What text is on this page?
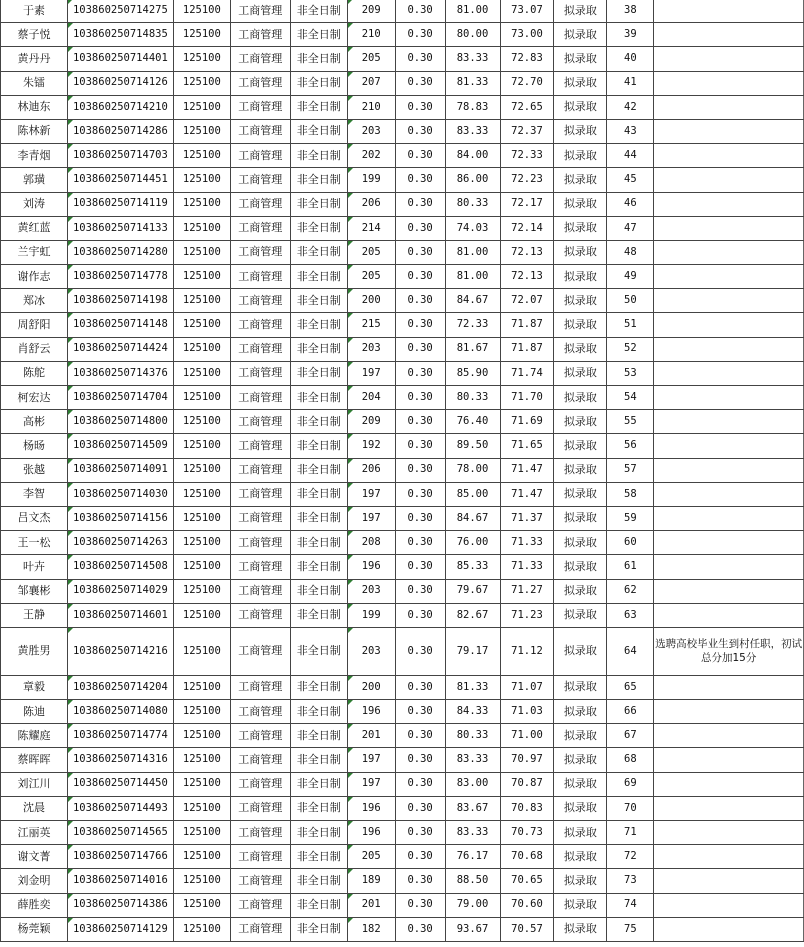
于素	103860250714275	125100	工商管理	非全日制	209	0.30	81.00	73.07	拟录取	38	
蔡子悦	103860250714835	125100	工商管理	非全日制	210	0.30	80.00	73.00	拟录取	39	
黄丹丹	103860250714401	125100	工商管理	非全日制	205	0.30	83.33	72.83	拟录取	40	
朱镭	103860250714126	125100	工商管理	非全日制	207	0.30	81.33	72.70	拟录取	41	
林迪东	103860250714210	125100	工商管理	非全日制	210	0.30	78.83	72.65	拟录取	42	
陈林新	103860250714286	125100	工商管理	非全日制	203	0.30	83.33	72.37	拟录取	43	
李青烟	103860250714703	125100	工商管理	非全日制	202	0.30	84.00	72.33	拟录取	44	
郭璜	103860250714451	125100	工商管理	非全日制	199	0.30	86.00	72.23	拟录取	45	
刘涛	103860250714119	125100	工商管理	非全日制	206	0.30	80.33	72.17	拟录取	46	
黄红蓝	103860250714133	125100	工商管理	非全日制	214	0.30	74.03	72.14	拟录取	47	
兰宇虹	103860250714280	125100	工商管理	非全日制	205	0.30	81.00	72.13	拟录取	48	
谢作志	103860250714778	125100	工商管理	非全日制	205	0.30	81.00	72.13	拟录取	49	
郑冰	103860250714198	125100	工商管理	非全日制	200	0.30	84.67	72.07	拟录取	50	
周舒阳	103860250714148	125100	工商管理	非全日制	215	0.30	72.33	71.87	拟录取	51	
肖舒云	103860250714424	125100	工商管理	非全日制	203	0.30	81.67	71.87	拟录取	52	
陈舵	103860250714376	125100	工商管理	非全日制	197	0.30	85.90	71.74	拟录取	53	
柯宏达	103860250714704	125100	工商管理	非全日制	204	0.30	80.33	71.70	拟录取	54	
高彬	103860250714800	125100	工商管理	非全日制	209	0.30	76.40	71.69	拟录取	55	
杨旸	103860250714509	125100	工商管理	非全日制	192	0.30	89.50	71.65	拟录取	56	
张越	103860250714091	125100	工商管理	非全日制	206	0.30	78.00	71.47	拟录取	57	
李智	103860250714030	125100	工商管理	非全日制	197	0.30	85.00	71.47	拟录取	58	
吕文杰	103860250714156	125100	工商管理	非全日制	197	0.30	84.67	71.37	拟录取	59	
王一松	103860250714263	125100	工商管理	非全日制	208	0.30	76.00	71.33	拟录取	60	
叶卉	103860250714508	125100	工商管理	非全日制	196	0.30	85.33	71.33	拟录取	61	
邹襄彬	103860250714029	125100	工商管理	非全日制	203	0.30	79.67	71.27	拟录取	62	
王静	103860250714601	125100	工商管理	非全日制	199	0.30	82.67	71.23	拟录取	63	
黄胜男	103860250714216	125100	工商管理	非全日制	203	0.30	79.17	71.12	拟录取	64	选聘高校毕业生到村任职，初试总分加15分
章毅	103860250714204	125100	工商管理	非全日制	200	0.30	81.33	71.07	拟录取	65	
陈迪	103860250714080	125100	工商管理	非全日制	196	0.30	84.33	71.03	拟录取	66	
陈耀庭	103860250714774	125100	工商管理	非全日制	201	0.30	80.33	71.00	拟录取	67	
蔡晖晖	103860250714316	125100	工商管理	非全日制	197	0.30	83.33	70.97	拟录取	68	
刘江川	103860250714450	125100	工商管理	非全日制	197	0.30	83.00	70.87	拟录取	69	
沈晨	103860250714493	125100	工商管理	非全日制	196	0.30	83.67	70.83	拟录取	70	
江丽英	103860250714565	125100	工商管理	非全日制	196	0.30	83.33	70.73	拟录取	71	
谢文菁	103860250714766	125100	工商管理	非全日制	205	0.30	76.17	70.68	拟录取	72	
刘金明	103860250714016	125100	工商管理	非全日制	189	0.30	88.50	70.65	拟录取	73	
薛胜奕	103860250714386	125100	工商管理	非全日制	201	0.30	79.00	70.60	拟录取	74	
杨莞颖	103860250714129	125100	工商管理	非全日制	182	0.30	93.67	70.57	拟录取	75	
